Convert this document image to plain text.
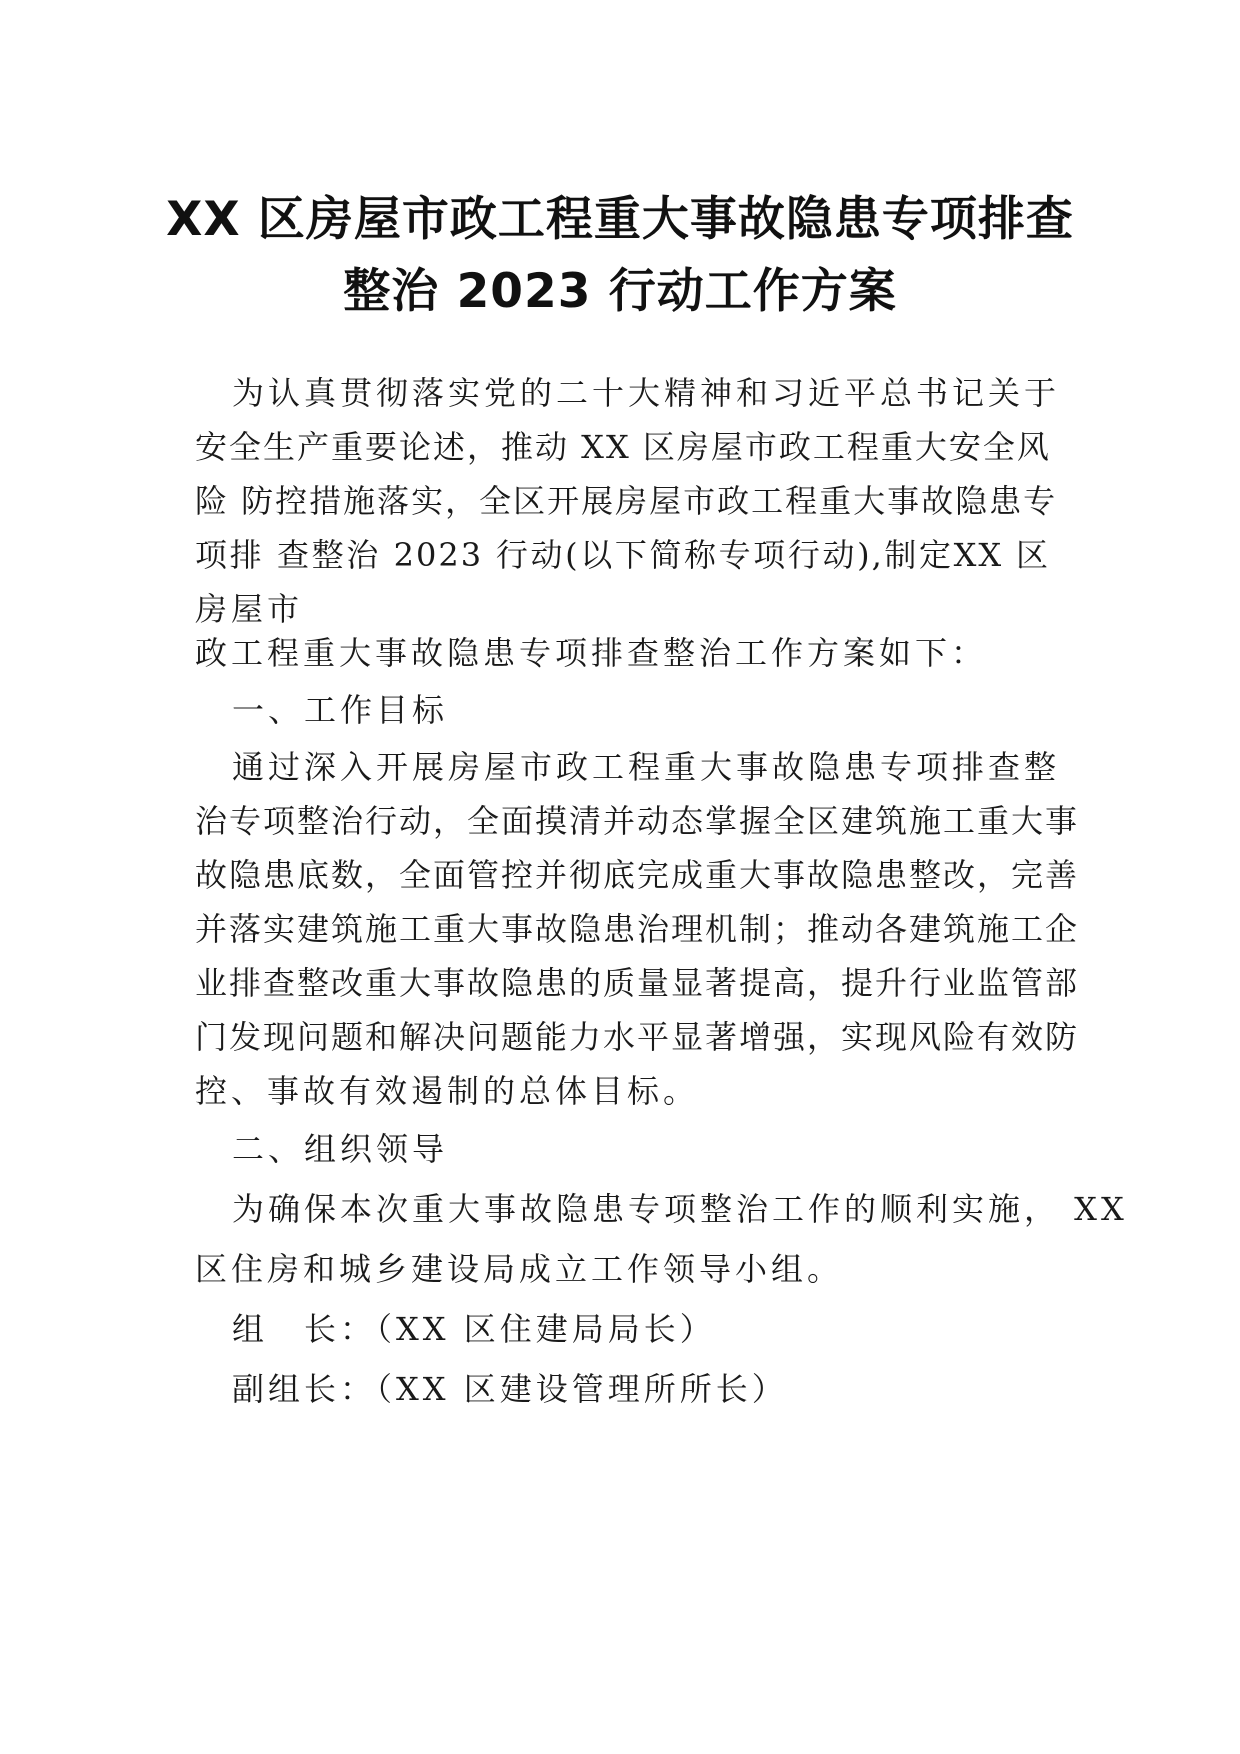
XX 区房屋市政工程重大事故隐患专项排查
整治 2023 行动工作方案
为认真贯彻落实党的二十大精神和习近平总书记关于
安全生产重要论述，推动 XX 区房屋市政工程重大安全风
险 防控措施落实，全区开展房屋市政工程重大事故隐患专
项排 查整治 2023 行动(以下简称专项行动),制定XX 区
房屋市
政工程重大事故隐患专项排查整治工作方案如下：
一、工作目标
通过深入开展房屋市政工程重大事故隐患专项排查整
治专项整治行动，全面摸清并动态掌握全区建筑施工重大事
故隐患底数，全面管控并彻底完成重大事故隐患整改，完善
并落实建筑施工重大事故隐患治理机制；推动各建筑施工企
业排查整改重大事故隐患的质量显著提高，提升行业监管部
门发现问题和解决问题能力水平显著增强，实现风险有效防
控、事故有效遏制的总体目标。
二、组织领导
为确保本次重大事故隐患专项整治工作的顺利实施， XX
区住房和城乡建设局成立工作领导小组。
组　长：（XX 区住建局局长）
副组长：（XX 区建设管理所所长）
